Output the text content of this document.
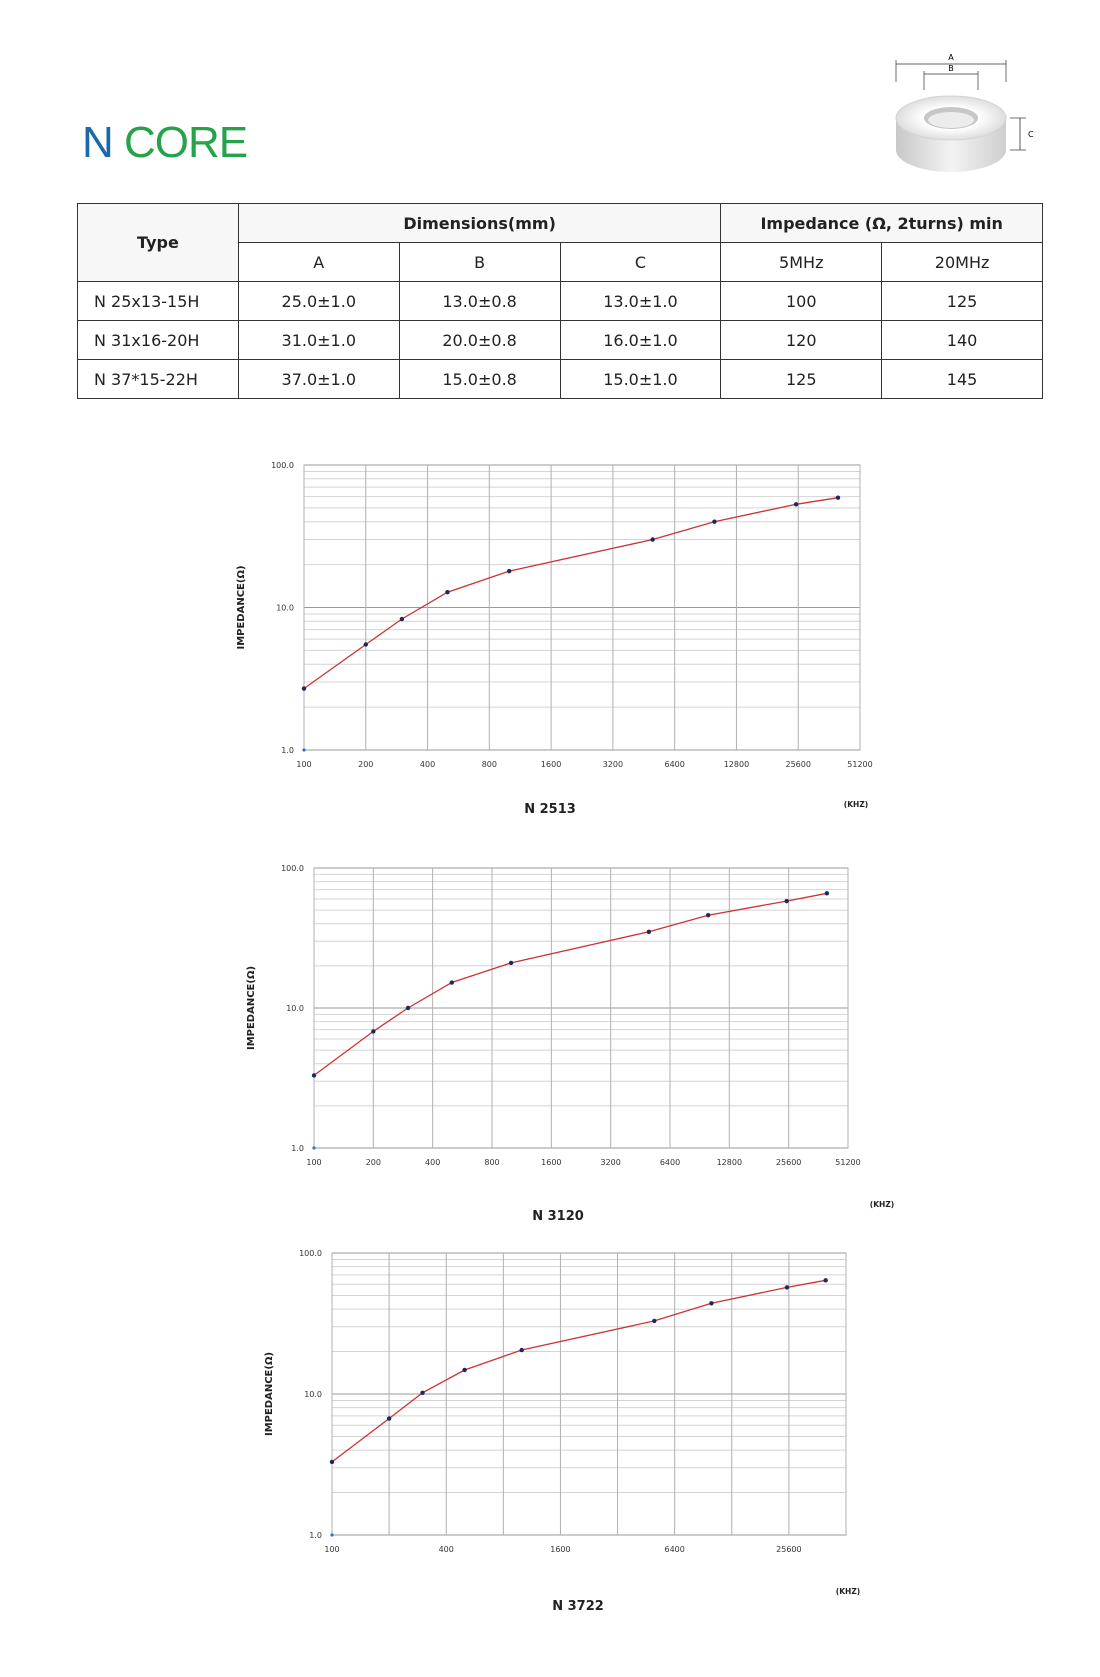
N CORE
A
B
C
Type	Dimensions(mm)			Impedance (Ω, 2turns) min	
	A	B	C	5MHz	20MHz
N 25x13-15H	25.0±1.0	13.0±0.8	13.0±1.0	100	125
N 31x16-20H	31.0±1.0	20.0±0.8	16.0±1.0	120	140
N 37*15-22H	37.0±1.0	15.0±0.8	15.0±1.0	125	145
100	200	400	800	1600	3200	6400	12800	25600	51200
1.0
10.0
100.0
IMPEDANCE(Ω)
N 2513	(KHZ)
100	200	400	800	1600	3200	6400	12800	25600	51200
1.0
10.0
100.0
IMPEDANCE(Ω)
N 3120
(KHZ)
100	400	1600	6400	25600
1.0
10.0
100.0
IMPEDANCE(Ω)
N 3722
(KHZ)
